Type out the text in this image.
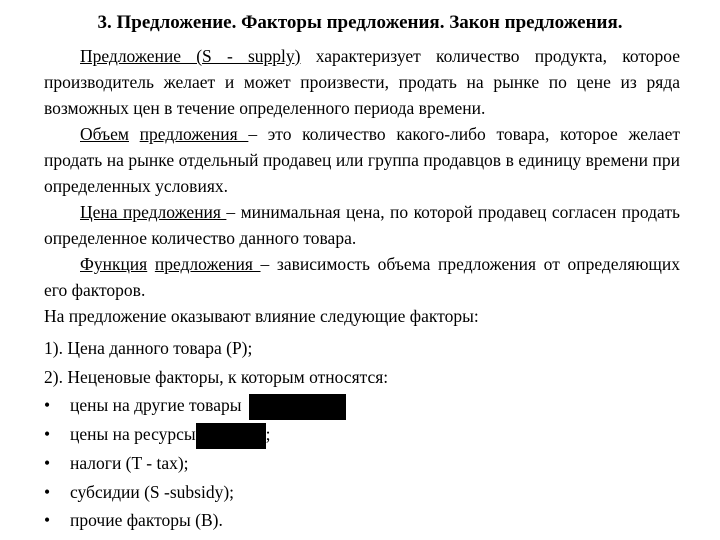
3. Предложение. Факторы предложения. Закон предложения.
Предложение (S - supply) характеризует количество продукта, которое производитель желает и может произвести, продать на рынке по цене из ряда возможных цен в течение определенного периода времени.
Объем предложения – это количество какого-либо товара, которое желает продать на рынке отдельный продавец или группа продавцов в единицу времени при определенных условиях.
Цена предложения – минимальная цена, по которой продавец согласен продать определенное количество данного товара.
Функция предложения – зависимость объема предложения от определяющих его факторов.
На предложение оказывают влияние следующие факторы:
1). Цена данного товара (P);
2). Неценовые факторы, к которым относятся:
• цены на другие товары
• цены на ресурсы	;
• налоги (T - tax);
• субсидии (S -subsidy);
• прочие факторы (B).
